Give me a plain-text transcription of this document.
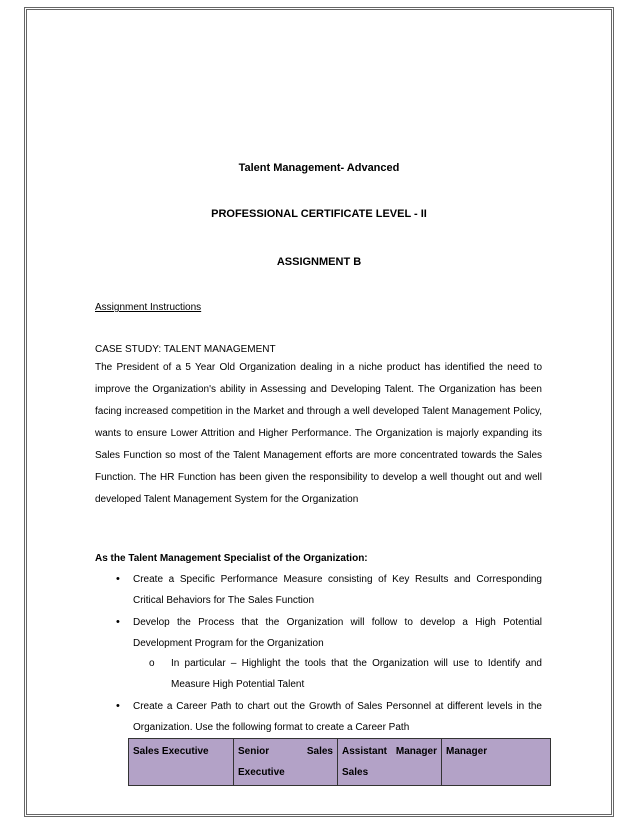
Talent Management- Advanced
PROFESSIONAL CERTIFICATE LEVEL - II
ASSIGNMENT B
Assignment Instructions
CASE STUDY: TALENT MANAGEMENT
The President of a 5 Year Old Organization dealing in a niche product has identified the need to improve the Organization's ability in Assessing and Developing Talent. The Organization has been facing increased competition in the Market and through a well developed Talent Management Policy, wants to ensure Lower Attrition and Higher Performance. The Organization is majorly expanding its Sales Function so most of the Talent Management efforts are more concentrated towards the Sales Function. The HR Function has been given the responsibility to develop a well thought out and well developed Talent Management System for the Organization
As the Talent Management Specialist of the Organization:
•	Create a Specific Performance Measure consisting of Key Results and Corresponding Critical Behaviors for The Sales Function
•	Develop the Process that the Organization will follow to develop a High Potential Development Program for the Organization
o In particular – Highlight the tools that the Organization will use to Identify and Measure High Potential Talent
•	Create a Career Path to chart out the Growth of Sales Personnel at different levels in the Organization. Use the following format to create a Career Path
Sales Executive	Senior Sales Executive	Assistant Manager Sales	Manager
